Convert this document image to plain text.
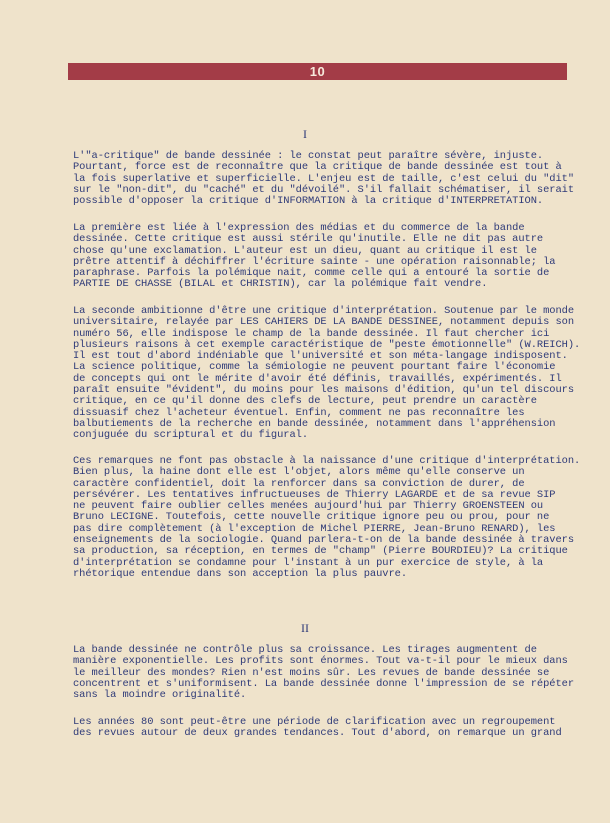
10
I
L'"a-critique" de bande dessinée : le constat peut paraître sévère, injuste.
Pourtant, force est de reconnaître que la critique de bande dessinée est tout à
la fois superlative et superficielle. L'enjeu est de taille, c'est celui du "dit"
sur le "non-dit", du "caché" et du "dévoilé". S'il fallait schématiser, il serait
possible d'opposer la critique d'INFORMATION à la critique d'INTERPRETATION.
La première est liée à l'expression des médias et du commerce de la bande
dessinée. Cette critique est aussi stérile qu'inutile. Elle ne dit pas autre
chose qu'une exclamation. L'auteur est un dieu, quant au critique il est le
prêtre attentif à déchiffrer l'écriture sainte - une opération raisonnable; la
paraphrase. Parfois la polémique nait, comme celle qui a entouré la sortie de
PARTIE DE CHASSE (BILAL et CHRISTIN), car la polémique fait vendre.
La seconde ambitionne d'être une critique d'interprétation. Soutenue par le monde
universitaire, relayée par LES CAHIERS DE LA BANDE DESSINEE, notamment depuis son
numéro 56, elle indispose le champ de la bande dessinée. Il faut chercher ici
plusieurs raisons à cet exemple caractéristique de "peste émotionnelle" (W.REICH).
Il est tout d'abord indéniable que l'université et son méta-langage indisposent.
La science politique, comme la sémiologie ne peuvent pourtant faire l'économie
de concepts qui ont le mérite d'avoir été définis, travaillés, expérimentés. Il
paraît ensuite "évident", du moins pour les maisons d'édition, qu'un tel discours
critique, en ce qu'il donne des clefs de lecture, peut prendre un caractère
dissuasif chez l'acheteur éventuel. Enfin, comment ne pas reconnaître les
balbutiements de la recherche en bande dessinée, notamment dans l'appréhension
conjuguée du scriptural et du figural.
Ces remarques ne font pas obstacle à la naissance d'une critique d'interprétation.
Bien plus, la haine dont elle est l'objet, alors même qu'elle conserve un
caractère confidentiel, doit la renforcer dans sa conviction de durer, de
persévérer. Les tentatives infructueuses de Thierry LAGARDE et de sa revue SIP
ne peuvent faire oublier celles menées aujourd'hui par Thierry GROENSTEEN ou
Bruno LECIGNE. Toutefois, cette nouvelle critique ignore peu ou prou, pour ne
pas dire complètement (à l'exception de Michel PIERRE, Jean-Bruno RENARD), les
enseignements de la sociologie. Quand parlera-t-on de la bande dessinée à travers
sa production, sa réception, en termes de "champ" (Pierre BOURDIEU)? La critique
d'interprétation se condamne pour l'instant à un pur exercice de style, à la
rhétorique entendue dans son acception la plus pauvre.
II
La bande dessinée ne contrôle plus sa croissance. Les tirages augmentent de
manière exponentielle. Les profits sont énormes. Tout va-t-il pour le mieux dans
le meilleur des mondes? Rien n'est moins sûr. Les revues de bande dessinée se
concentrent et s'uniformisent. La bande dessinée donne l'impression de se répéter
sans la moindre originalité.
Les années 80 sont peut-être une période de clarification avec un regroupement
des revues autour de deux grandes tendances. Tout d'abord, on remarque un grand
